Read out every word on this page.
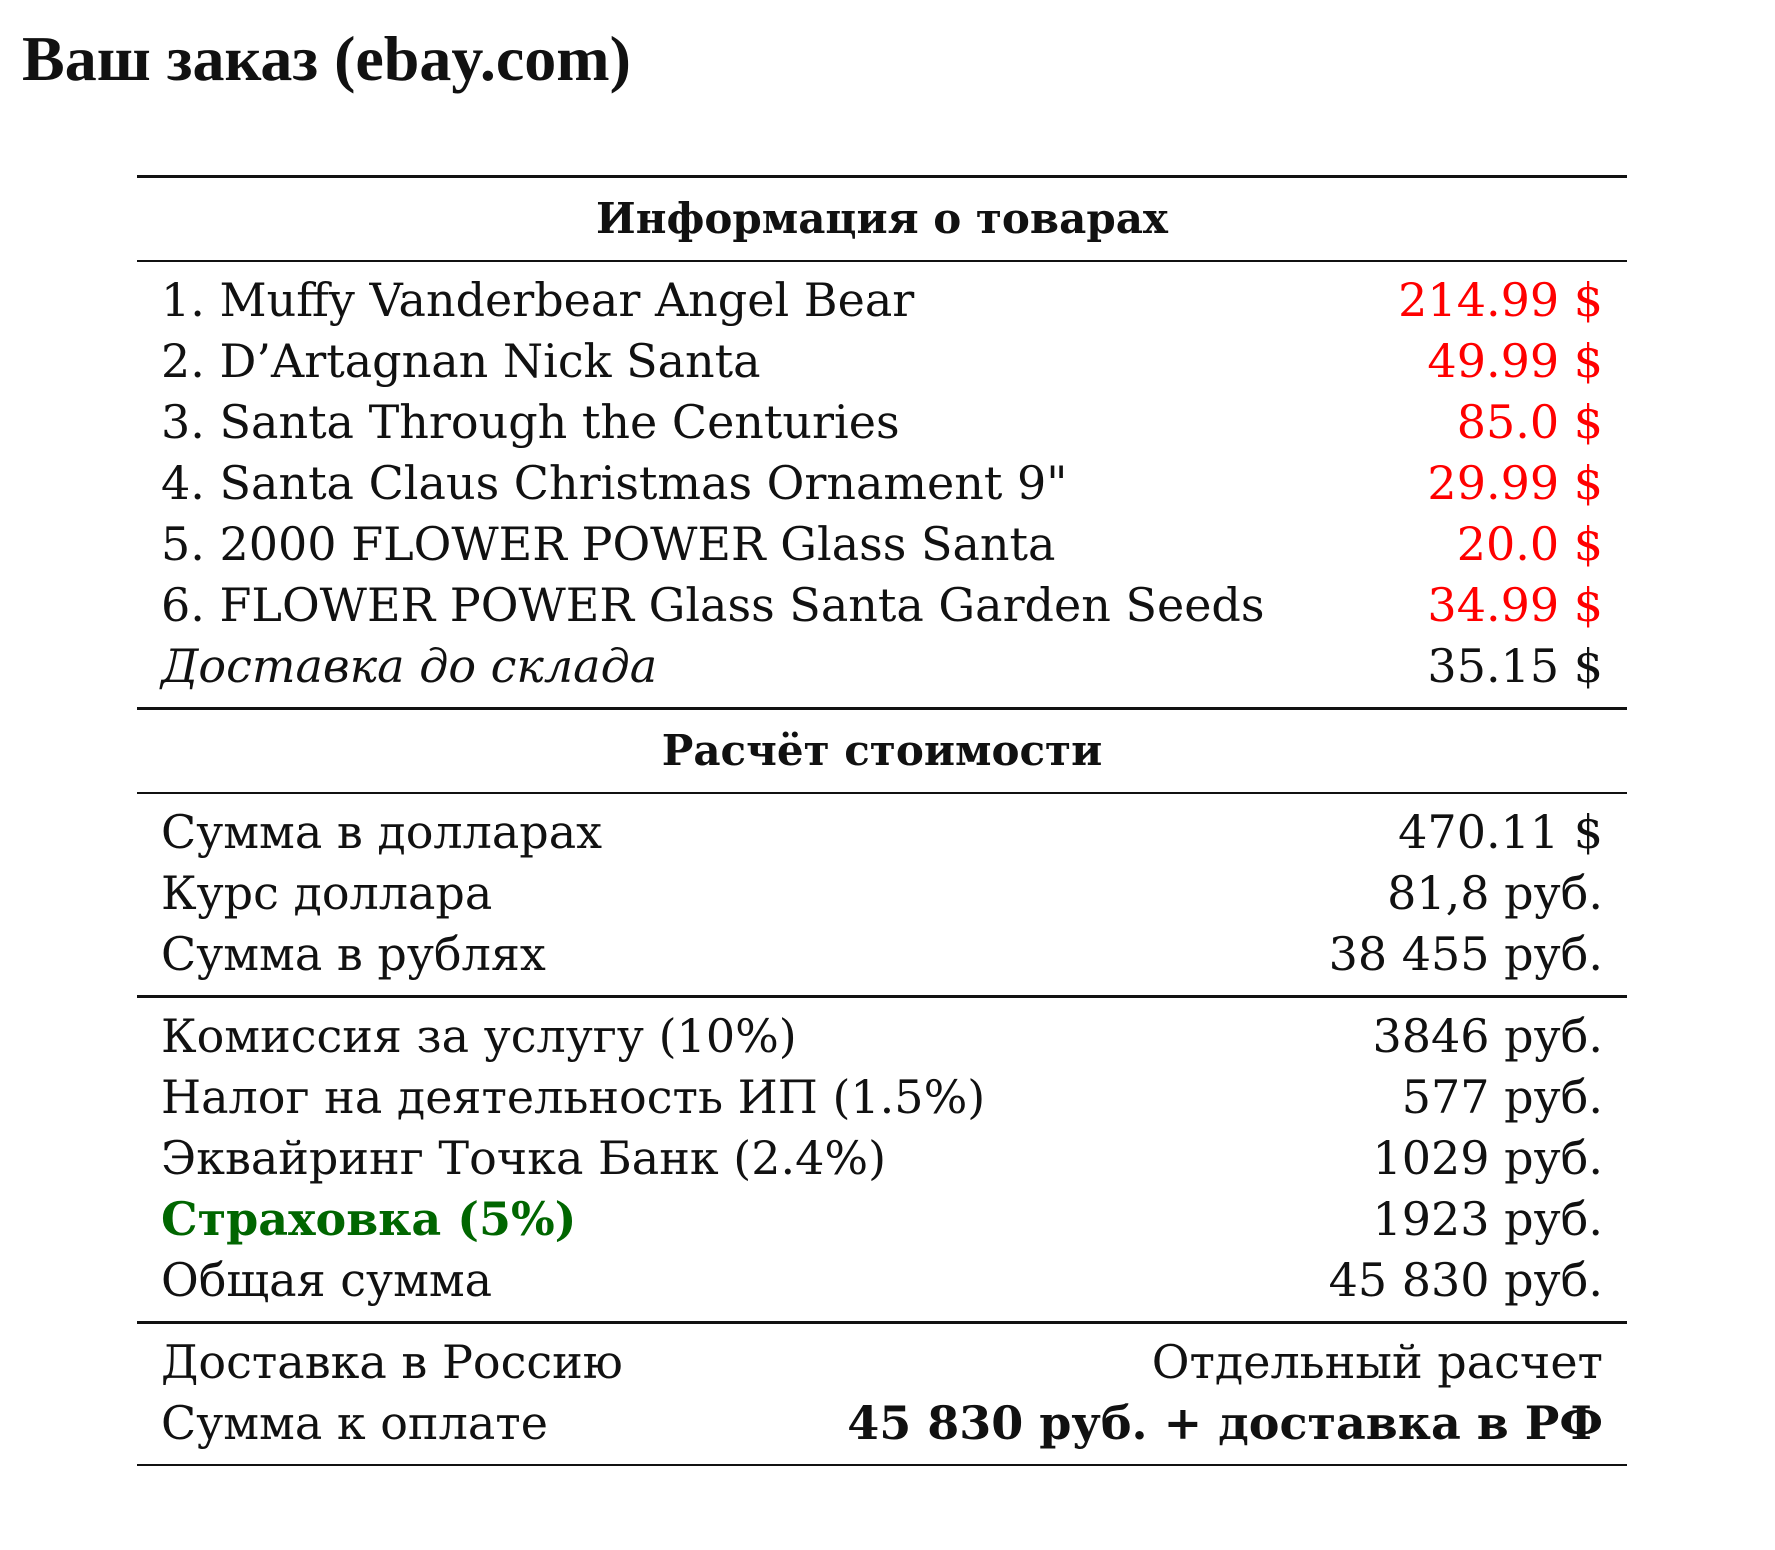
Ваш заказ (ebay.com)
Информация о товарах
1. Muffy Vanderbear Angel Bear	214.99 $
2. D’Artagnan Nick Santa	49.99 $
3. Santa Through the Centuries	85.0 $
4. Santa Claus Christmas Ornament 9"	29.99 $
5. 2000 FLOWER POWER Glass Santa	20.0 $
6. FLOWER POWER Glass Santa Garden Seeds	34.99 $
Доставка до склада	35.15 $
Расчёт стоимости
Сумма в долларах	470.11 $
Курс доллара	81,8 руб.
Сумма в рублях	38 455 руб.
Комиссия за услугу (10%)	3846 руб.
Налог на деятельность ИП (1.5%)	577 руб.
Эквайринг Точка Банк (2.4%)	1029 руб.
Страховка (5%)	1923 руб.
Общая сумма	45 830 руб.
Доставка в Россию	Отдельный расчет
Сумма к оплате	45 830 руб. + доставка в РФ
